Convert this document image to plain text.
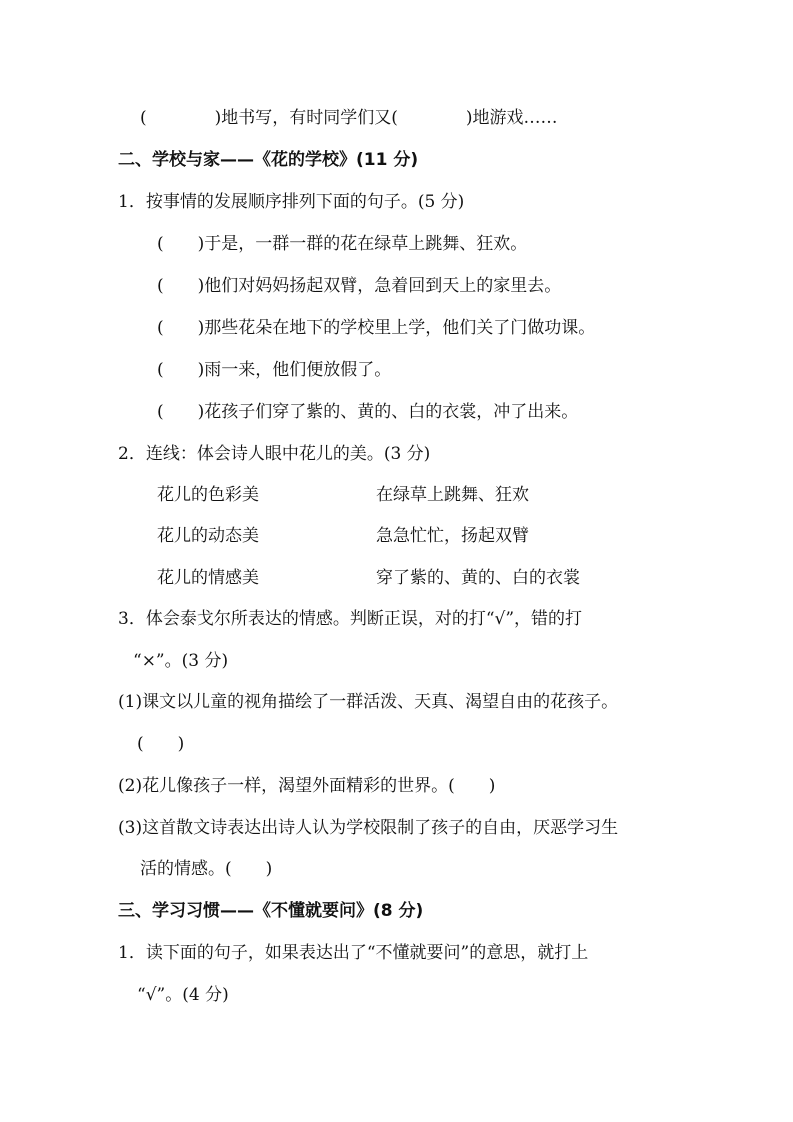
(　　　　)地书写，有时同学们又(　　　　)地游戏……
二、学校与家——《花的学校》(11 分)
1．按事情的发展顺序排列下面的句子。(5 分)
(　　)于是，一群一群的花在绿草上跳舞、狂欢。
(　　)他们对妈妈扬起双臂，急着回到天上的家里去。
(　　)那些花朵在地下的学校里上学，他们关了门做功课。
(　　)雨一来，他们便放假了。
(　　)花孩子们穿了紫的、黄的、白的衣裳，冲了出来。
2．连线：体会诗人眼中花儿的美。(3 分)
花儿的色彩美	在绿草上跳舞、狂欢
花儿的动态美	急急忙忙，扬起双臂
花儿的情感美	穿了紫的、黄的、白的衣裳
3．体会泰戈尔所表达的情感。判断正误，对的打“√”，错的打
“×”。(3 分)
(1)课文以儿童的视角描绘了一群活泼、天真、渴望自由的花孩子。
(　　)
(2)花儿像孩子一样，渴望外面精彩的世界。(　　)
(3)这首散文诗表达出诗人认为学校限制了孩子的自由，厌恶学习生
活的情感。(　　)
三、学习习惯——《不懂就要问》(8 分)
1．读下面的句子，如果表达出了“不懂就要问”的意思，就打上
“√”。(4 分)
